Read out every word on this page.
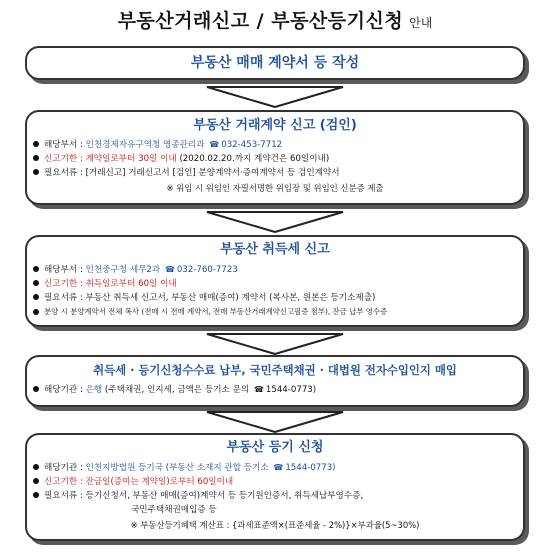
부동산거래신고 / 부동산등기신청 안내
부동산 매매 계약서 등 작성
부동산 거래계약 신고 (검인)
해당부서 : 인천경제자유구역청 영종관리과 ☎ 032-453-7712
신고기한 : 계약일로부터 30일 이내 (2020.02.20.까지 계약건은 60일이내)
필요서류 : [거래신고] 거래신고서 [검인] 분양계약서·증여계약서 등 검인계약서
※ 위임 시 위임인 자필서명한 위임장 및 위임인 신분증 제출
부동산 취득세 신고
해당부서 : 인천중구청 세무2과 ☎ 032-760-7723
신고기한 : 취득일로부터 60일 이내
필요서류 : 부동산 취득세 신고서, 부동산 매매(증여) 계약서 (복사본, 원본은 등기소제출)
분양 시 분양계약서 전체 복사 (전매 시 전매 계약서, 전매 부동산거래계약신고필증 첨부), 잔금 납부 영수증
취득세 · 등기신청수수료 납부, 국민주택채권 · 대법원 전자수입인지 매입
해당기관 : 은행 (주택채권, 인지세, 금액은 등기소 문의 ☎ 1544-0773)
부동산 등기 신청
해당기관 : 인천지방법원 등기국 (부동산 소재지 관할 등기소 ☎ 1544-0773)
신고기한 : 잔금일(증여는 계약일)로부터 60일이내
필요서류 : 등기신청서, 부동산 매매(증여)계약서 등 등기원인증서, 취득세납부영수증,
국민주택채권매입증 등
※ 부동산등기혜택 계산표 : {과세표준액×(표준세율 - 2%)}×부과율(5~30%)
